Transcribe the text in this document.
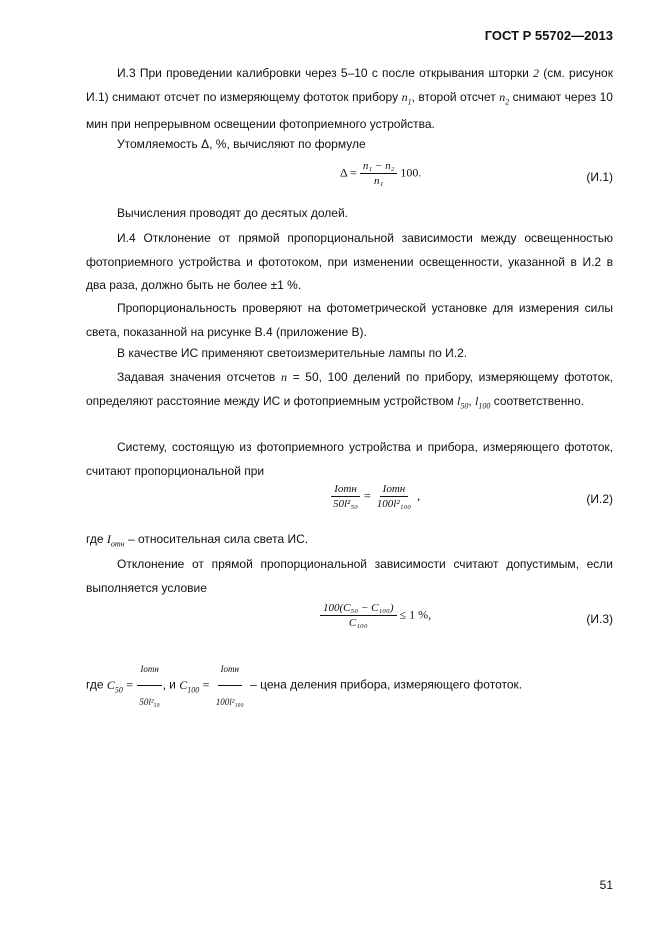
ГОСТ Р 55702—2013
И.3 При проведении калибровки через 5–10 с после открывания шторки 2 (см. рисунок И.1) снимают отсчет по измеряющему фототок прибору $n_1$, второй отсчет $n_2$ снимают через 10 мин при непрерывном освещении фотоприемного устройства.
Утомляемость Δ, %, вычисляют по формуле
$\Delta = \frac{\text{n₁ − n₂}}{\text{n₁}} 100$.	(И.1)
Вычисления проводят до десятых долей.
И.4 Отклонение от прямой пропорциональной зависимости между освещенностью фотоприемного устройства и фототоком, при изменении освещенности, указанной в И.2 в два раза, должно быть не более ±1 %.
Пропорциональность проверяют на фотометрической установке для измерения силы света, показанной на рисунке В.4 (приложение В).
В качестве ИС применяют светоизмерительные лампы по И.2.
Задавая значения отсчетов n = 50, 100 делений по прибору, измеряющему фототок, определяют расстояние между ИС и фотоприемным устройством $l_{50}$, $l_{100}$ соответственно.
Систему, состоящую из фотоприемного устройства и прибора, измеряющего фототок, считают пропорциональной при
$\frac{\text{Iотн}}{\text{50l²₅₀}} = \frac{\text{Iотн}}{\text{100l²₁₀₀}}$ ,	(И.2)
где $I_{отн}$ – относительная сила света ИС.
Отклонение от прямой пропорциональной зависимости считают допустимым, если выполняется условие
$\frac{\text{100(C₅₀ − C₁₀₀)}}{\text{C₁₀₀}} \le 1$ %,	(И.3)
где $C_{50} = \frac{\text{Iотн}}{\text{50l²₅₀}}$ , и $C_{100} = \frac{\text{Iотн}}{\text{100l²₁₀₀}}$ – цена деления прибора, измеряющего фототок.
51
